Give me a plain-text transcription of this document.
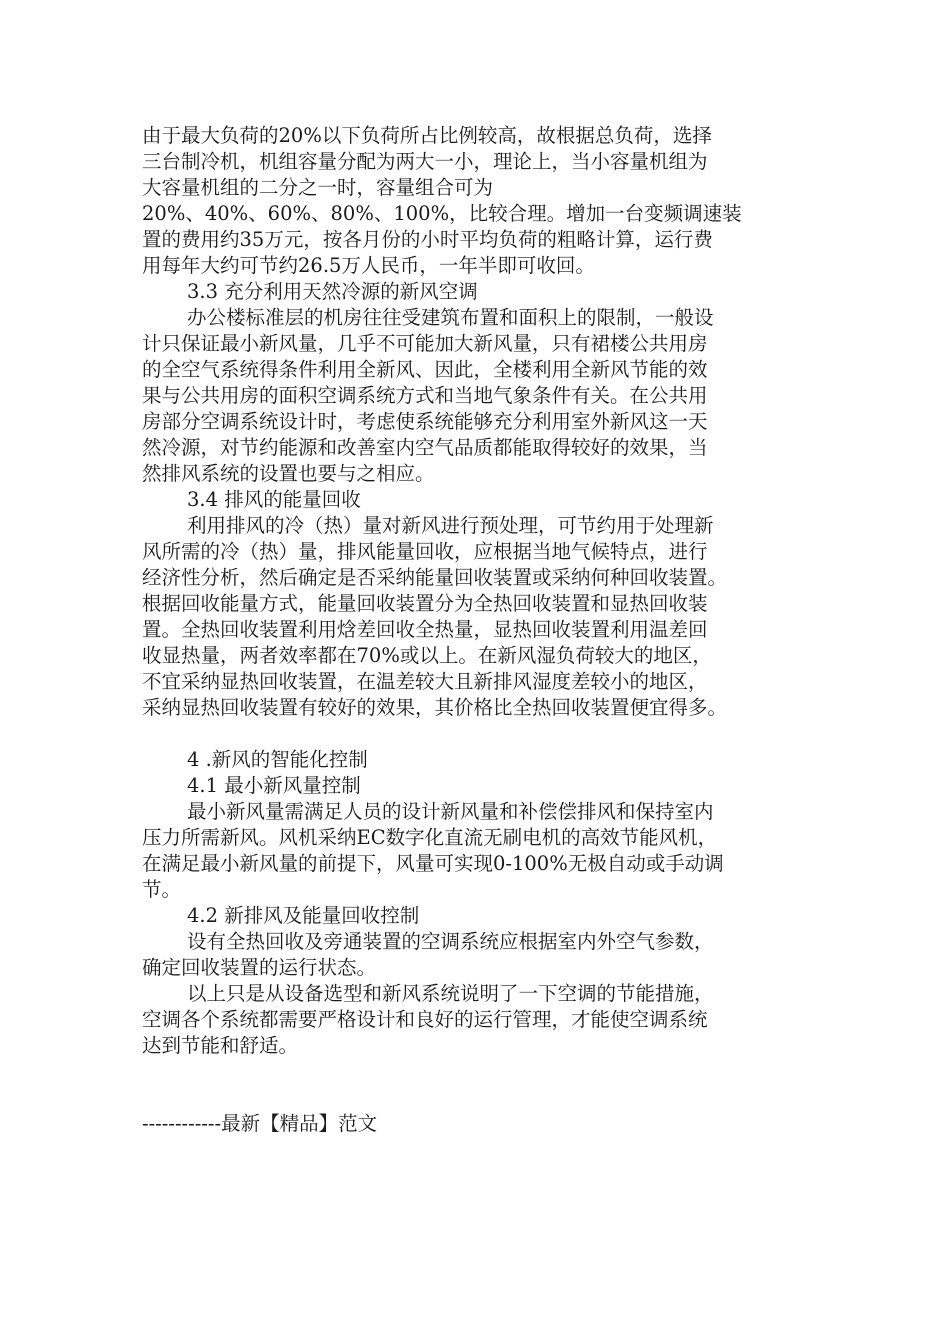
由于最大负荷的20%以下负荷所占比例较高，故根据总负荷，选择
三台制冷机，机组容量分配为两大一小，理论上，当小容量机组为
大容量机组的二分之一时，容量组合可为
20%、40%、60%、80%、100%，比较合理。增加一台变频调速装
置的费用约35万元，按各月份的小时平均负荷的粗略计算，运行费
用每年大约可节约26.5万人民币，一年半即可收回。
3.3 充分利用天然冷源的新风空调
办公楼标准层的机房往往受建筑布置和面积上的限制，一般设
计只保证最小新风量，几乎不可能加大新风量，只有裙楼公共用房
的全空气系统得条件利用全新风、因此，全楼利用全新风节能的效
果与公共用房的面积空调系统方式和当地气象条件有关。在公共用
房部分空调系统设计时，考虑使系统能够充分利用室外新风这一天
然冷源，对节约能源和改善室内空气品质都能取得较好的效果，当
然排风系统的设置也要与之相应。
3.4 排风的能量回收
利用排风的冷（热）量对新风进行预处理，可节约用于处理新
风所需的冷（热）量，排风能量回收，应根据当地气候特点，进行
经济性分析，然后确定是否采纳能量回收装置或采纳何种回收装置。
根据回收能量方式，能量回收装置分为全热回收装置和显热回收装
置。全热回收装置利用焓差回收全热量，显热回收装置利用温差回
收显热量，两者效率都在70%或以上。在新风湿负荷较大的地区，
不宜采纳显热回收装置，在温差较大且新排风湿度差较小的地区，
采纳显热回收装置有较好的效果，其价格比全热回收装置便宜得多。
4 .新风的智能化控制
4.1 最小新风量控制
最小新风量需满足人员的设计新风量和补偿偿排风和保持室内
压力所需新风。风机采纳EC数字化直流无刷电机的高效节能风机，
在满足最小新风量的前提下，风量可实现0-100%无极自动或手动调
节。
4.2 新排风及能量回收控制
设有全热回收及旁通装置的空调系统应根据室内外空气参数，
确定回收装置的运行状态。
以上只是从设备选型和新风系统说明了一下空调的节能措施，
空调各个系统都需要严格设计和良好的运行管理，才能使空调系统
达到节能和舒适。
------------最新【精品】范文
